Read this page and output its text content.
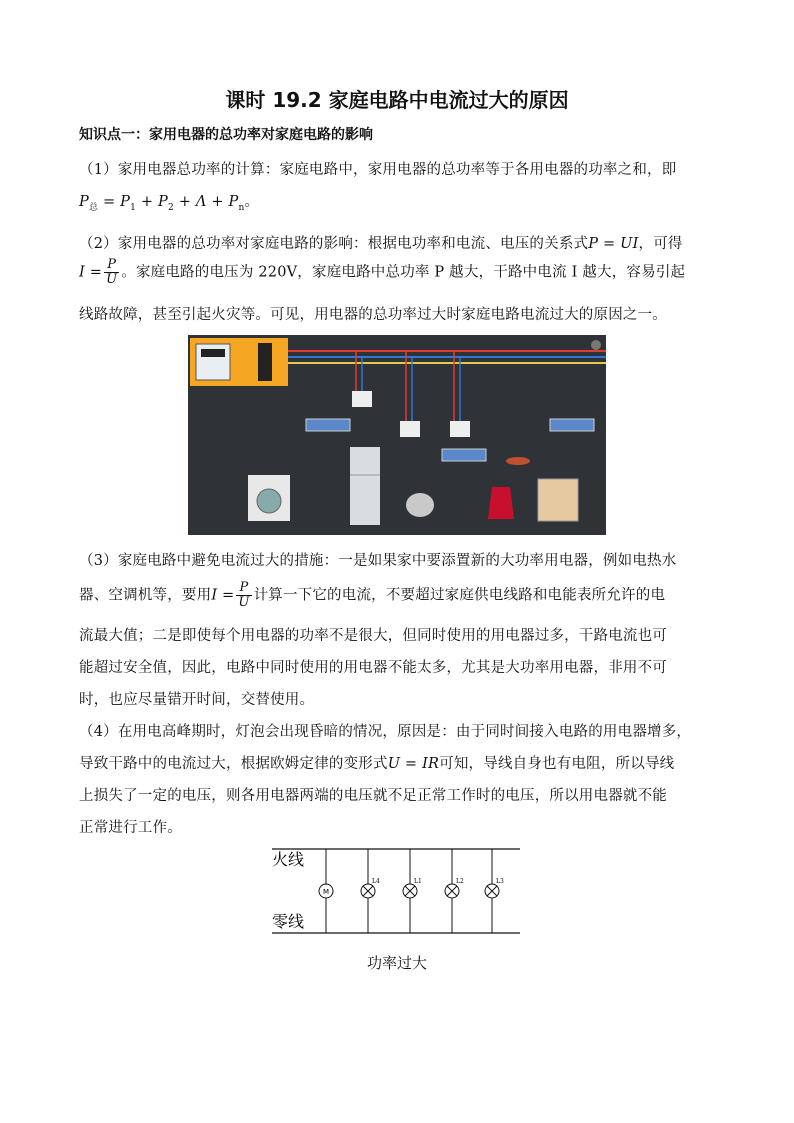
课时 19.2 家庭电路中电流过大的原因
知识点一：家用电器的总功率对家庭电路的影响
（1）家用电器总功率的计算：家庭电路中，家用电器的总功率等于各用电器的功率之和，即
$P_总 = P_1 + P_2 + \Lambda + P_n$。
（2）家用电器的总功率对家庭电路的影响：根据电功率和电流、电压的关系式P = UI，可得
$I = \frac{P}{U}$ 。家庭电路的电压为 220V，家庭电路中总功率 P 越大，干路中电流 I 越大，容易引起
线路故障，甚至引起火灾等。可见，用电器的总功率过大时家庭电路电流过大的原因之一。
（3）家庭电路中避免电流过大的措施：一是如果家中要添置新的大功率用电器，例如电热水
器、空调机等，要用$I = \frac{P}{U}$ 计算一下它的电流，不要超过家庭供电线路和电能表所允许的电
流最大值；二是即使每个用电器的功率不是很大，但同时使用的用电器过多，干路电流也可
能超过安全值，因此，电路中同时使用的用电器不能太多，尤其是大功率用电器，非用不可
时，也应尽量错开时间，交替使用。
（4）在用电高峰期时，灯泡会出现昏暗的情况，原因是：由于同时间接入电路的用电器增多，
导致干路中的电流过大，根据欧姆定律的变形式U = IR可知，导线自身也有电阻，所以导线
上损失了一定的电压，则各用电器两端的电压就不足正常工作时的电压，所以用电器就不能
正常进行工作。
火线
零线
M
L4	L1	L2	L3
功率过大
